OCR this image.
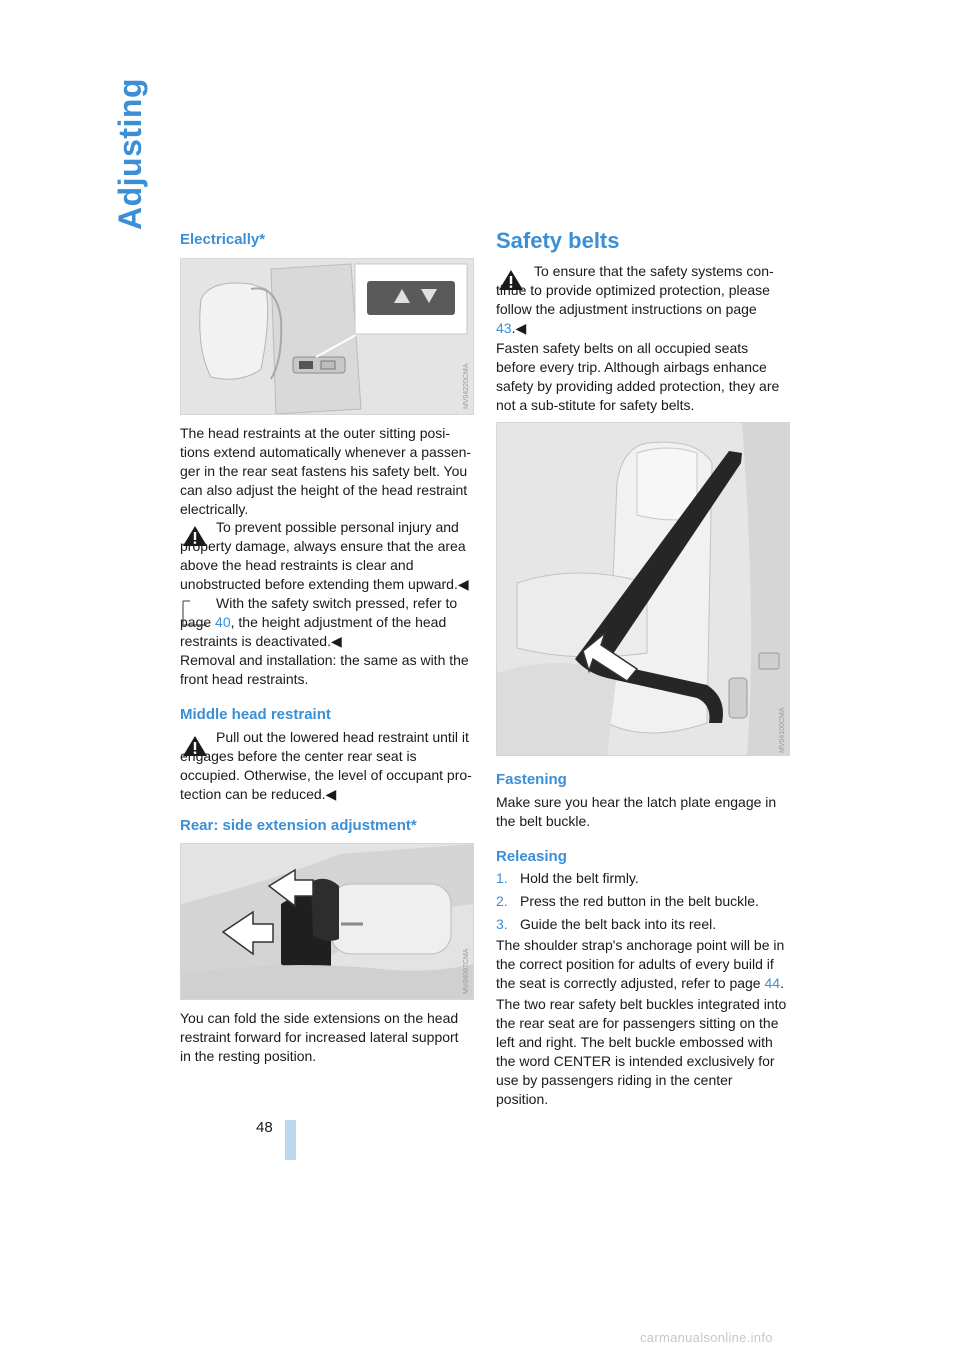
Adjusting
48
Electrically*
MV04220CMA

The head restraints at the outer sitting posi-tions extend automatically whenever a passen-ger in the rear seat fastens his safety belt. You can also adjust the height of the head restraint electrically.

To prevent possible personal injury and property damage, always ensure that the area above the head restraints is clear and unobstructed before extending them upward.◀

With the safety switch pressed, refer to page 40, the height adjustment of the head restraints is deactivated.◀

Removal and installation: the same as with the front head restraints.

Middle head restraint

Pull out the lowered head restraint until it engages before the center rear seat is occupied. Otherwise, the level of occupant pro-tection can be reduced.◀

Rear: side extension adjustment*
MV04087CMA

You can fold the side extensions on the head restraint forward for increased lateral support in the resting position.

Safety belts

To ensure that the safety systems con-tinue to provide optimized protection, please follow the adjustment instructions on page 43.◀

Fasten safety belts on all occupied seats before every trip. Although airbags enhance safety by providing added protection, they are not a sub-stitute for safety belts.

MV04100CMA
Fastening

Make sure you hear the latch plate engage in the belt buckle.

Releasing
1. Hold the belt firmly.
2. Press the red button in the belt buckle.
3. Guide the belt back into its reel.

The shoulder strap's anchorage point will be in the correct position for adults of every build if the seat is correctly adjusted, refer to page 44.

The two rear safety belt buckles integrated into the rear seat are for passengers sitting on the left and right. The belt buckle embossed with the word CENTER is intended exclusively for use by passengers riding in the center position.

carmanualsonline.info
